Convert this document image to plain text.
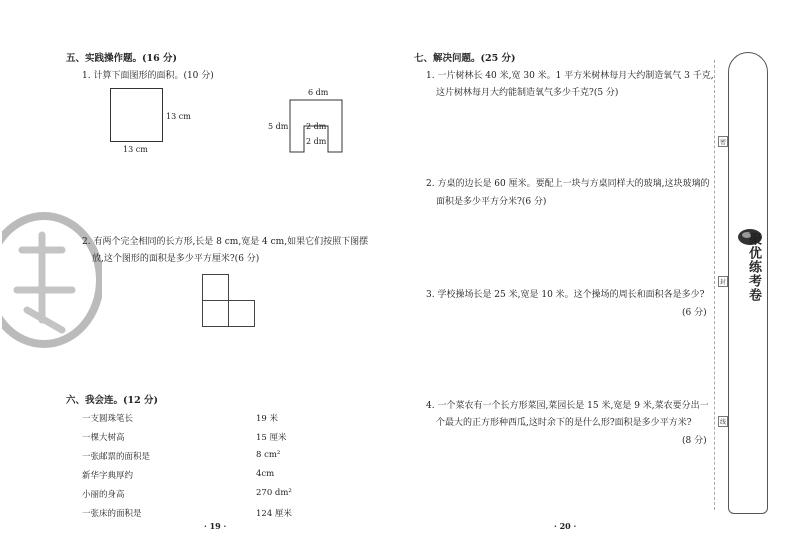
五、实践操作题。(16 分)
1. 计算下面图形的面积。(10 分)
13 cm
13 cm
6 dm
5 dm 2 dm
2 dm
2. 有两个完全相同的长方形,长是 8 cm,宽是 4 cm,如果它们按照下图摆
放,这个图形的面积是多少平方厘米?(6 分)
六、我会连。(12 分)
一支圆珠笔长	19 米
一棵大树高	15 厘米
一张邮票的面积是	8 cm²
新华字典厚约	4cm
小丽的身高	270 dm²
一张床的面积是	124 厘米
· 19 ·
七、解决问题。(25 分)
1. 一片树林长 40 米,宽 30 米。1 平方米树林每月大约制造氧气 3 千克,
这片树林每月大约能制造氧气多少千克?(5 分)
2. 方桌的边长是 60 厘米。要配上一块与方桌同样大的玻璃,这块玻璃的
面积是多少平方分米?(6 分)
3. 学校操场长是 25 米,宽是 10 米。这个操场的周长和面积各是多少?
(6 分)
4. 一个菜农有一个长方形菜园,菜园长是 15 米,宽是 9 米,菜农要分出一
个最大的正方形种西瓜,这时余下的是什么形?面积是多少平方米?
(8 分)
· 20 ·
密
封
线
聚优练考卷
